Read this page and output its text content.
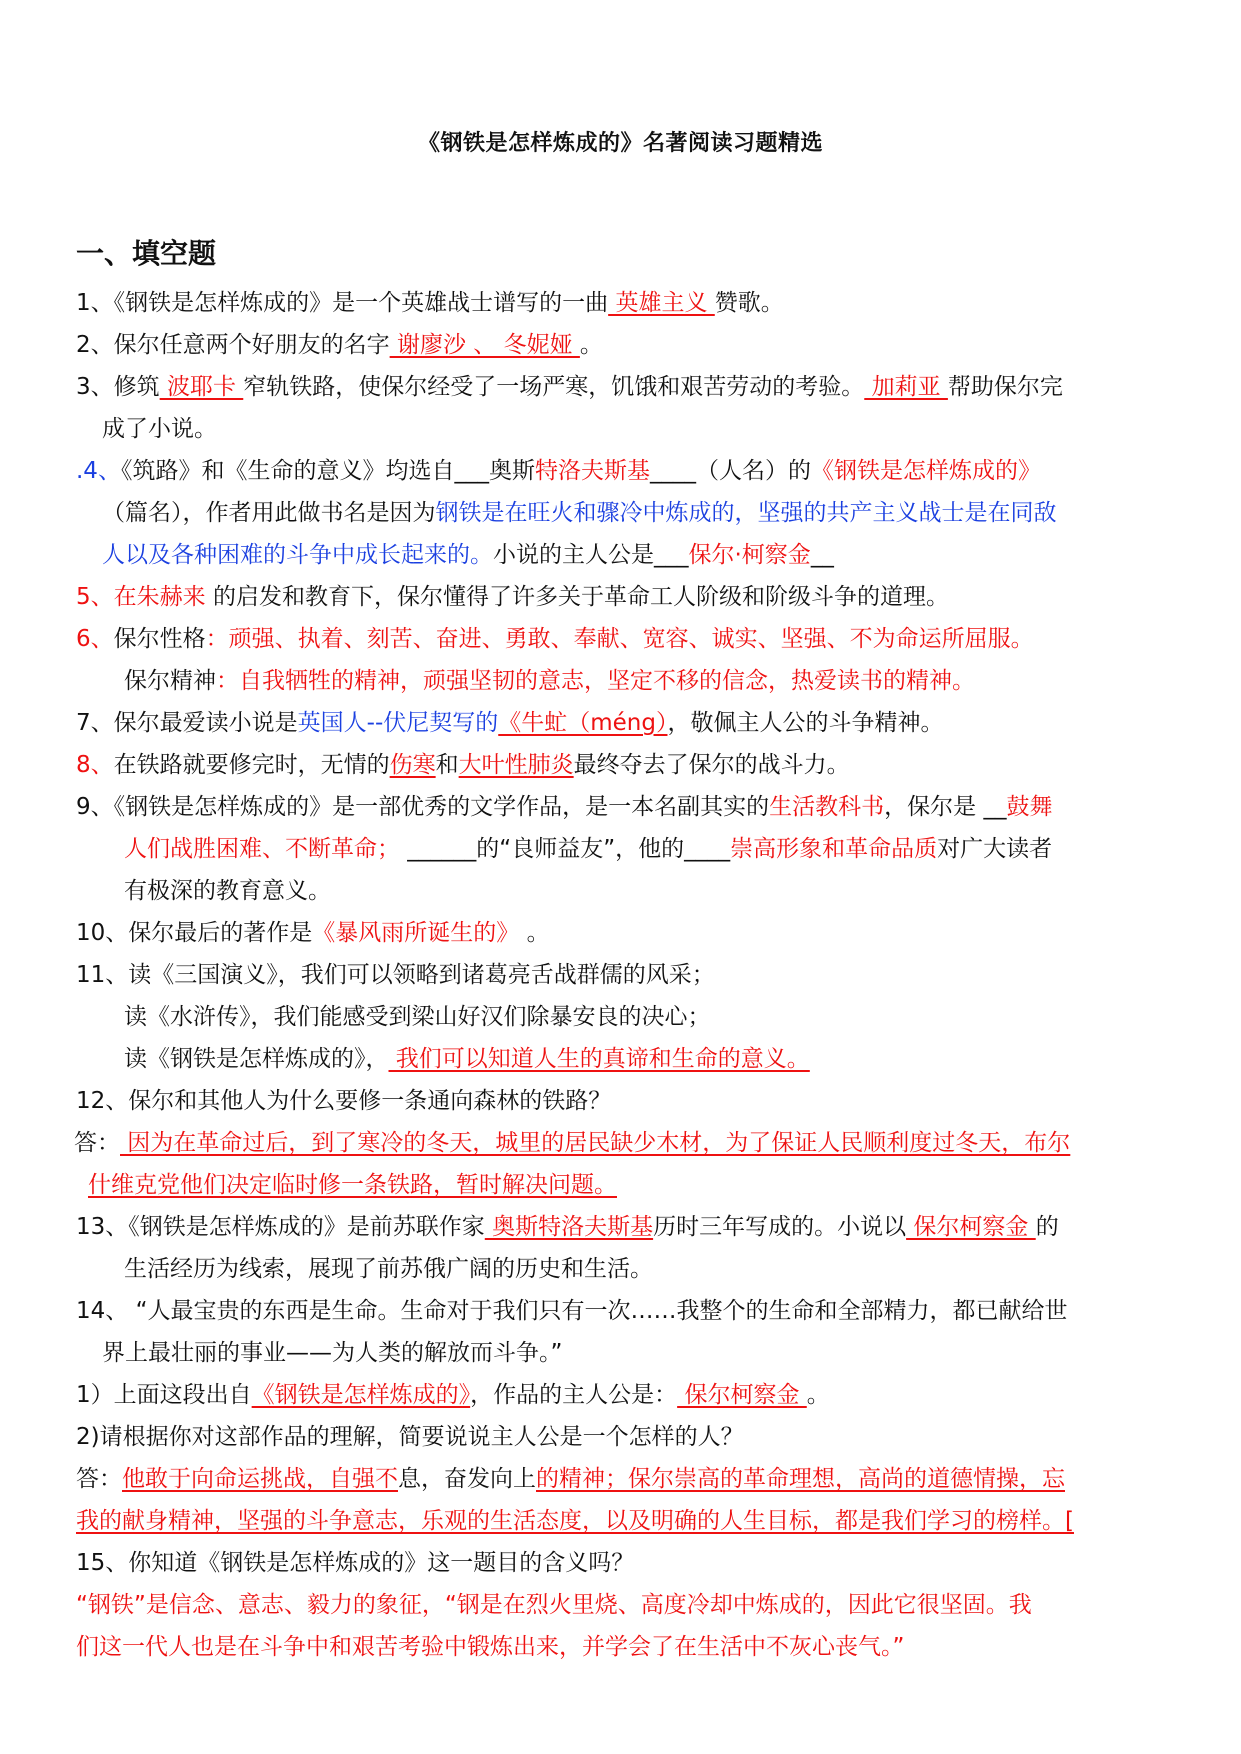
《钢铁是怎样炼成的》名著阅读习题精选
一、填空题
1、《钢铁是怎样炼成的》是一个英雄战士谱写的一曲 英雄主义 赞歌。
2、保尔任意两个好朋友的名字 谢廖沙 、 冬妮娅 。
3、修筑 波耶卡 窄轨铁路，使保尔经受了一场严寒，饥饿和艰苦劳动的考验。 加莉亚 帮助保尔完
成了小说。
.4、《筑路》和《生命的意义》均选自___奥斯特洛夫斯基____（人名）的《钢铁是怎样炼成的》
（篇名），作者用此做书名是因为钢铁是在旺火和骤冷中炼成的，坚强的共产主义战士是在同敌
人以及各种困难的斗争中成长起来的。小说的主人公是___保尔·柯察金__
5、在朱赫来 的启发和教育下，保尔懂得了许多关于革命工人阶级和阶级斗争的道理。
6、保尔性格：顽强、执着、刻苦、奋进、勇敢、奉献、宽容、诚实、坚强、不为命运所屈服。
保尔精神：自我牺牲的精神，顽强坚韧的意志，坚定不移的信念，热爱读书的精神。
7、保尔最爱读小说是英国人--伏尼契写的《牛虻（méng），敬佩主人公的斗争精神。
8、在铁路就要修完时，无情的伤寒和大叶性肺炎最终夺去了保尔的战斗力。
9、《钢铁是怎样炼成的》是一部优秀的文学作品，是一本名副其实的生活教科书，保尔是 __鼓舞
人们战胜困难、不断革命； ______的“良师益友”，他的____崇高形象和革命品质对广大读者
有极深的教育意义。
10、保尔最后的著作是《暴风雨所诞生的》 。
11、读《三国演义》，我们可以领略到诸葛亮舌战群儒的风采；
读《水浒传》，我们能感受到梁山好汉们除暴安良的决心；
读《钢铁是怎样炼成的》， 我们可以知道人生的真谛和生命的意义。
12、保尔和其他人为什么要修一条通向森林的铁路？
答： 因为在革命过后，到了寒冷的冬天，城里的居民缺少木材，为了保证人民顺利度过冬天，布尔
什维克党他们决定临时修一条铁路，暂时解决问题。
13、《钢铁是怎样炼成的》是前苏联作家 奥斯特洛夫斯基历时三年写成的。小说以 保尔柯察金 的
生活经历为线索，展现了前苏俄广阔的历史和生活。
14、 “人最宝贵的东西是生命。生命对于我们只有一次……我整个的生命和全部精力，都已献给世
界上最壮丽的事业——为人类的解放而斗争。”
1）上面这段出自《钢铁是怎样炼成的》，作品的主人公是： 保尔柯察金 。
2)请根据你对这部作品的理解，简要说说主人公是一个怎样的人？
答：他敢于向命运挑战，自强不息，奋发向上的精神；保尔崇高的革命理想，高尚的道德情操，忘
我的献身精神，坚强的斗争意志，乐观的生活态度，以及明确的人生目标，都是我们学习的榜样。[
15、你知道《钢铁是怎样炼成的》这一题目的含义吗？
“钢铁”是信念、意志、毅力的象征，“钢是在烈火里烧、高度冷却中炼成的，因此它很坚固。我
们这一代人也是在斗争中和艰苦考验中锻炼出来，并学会了在生活中不灰心丧气。”
